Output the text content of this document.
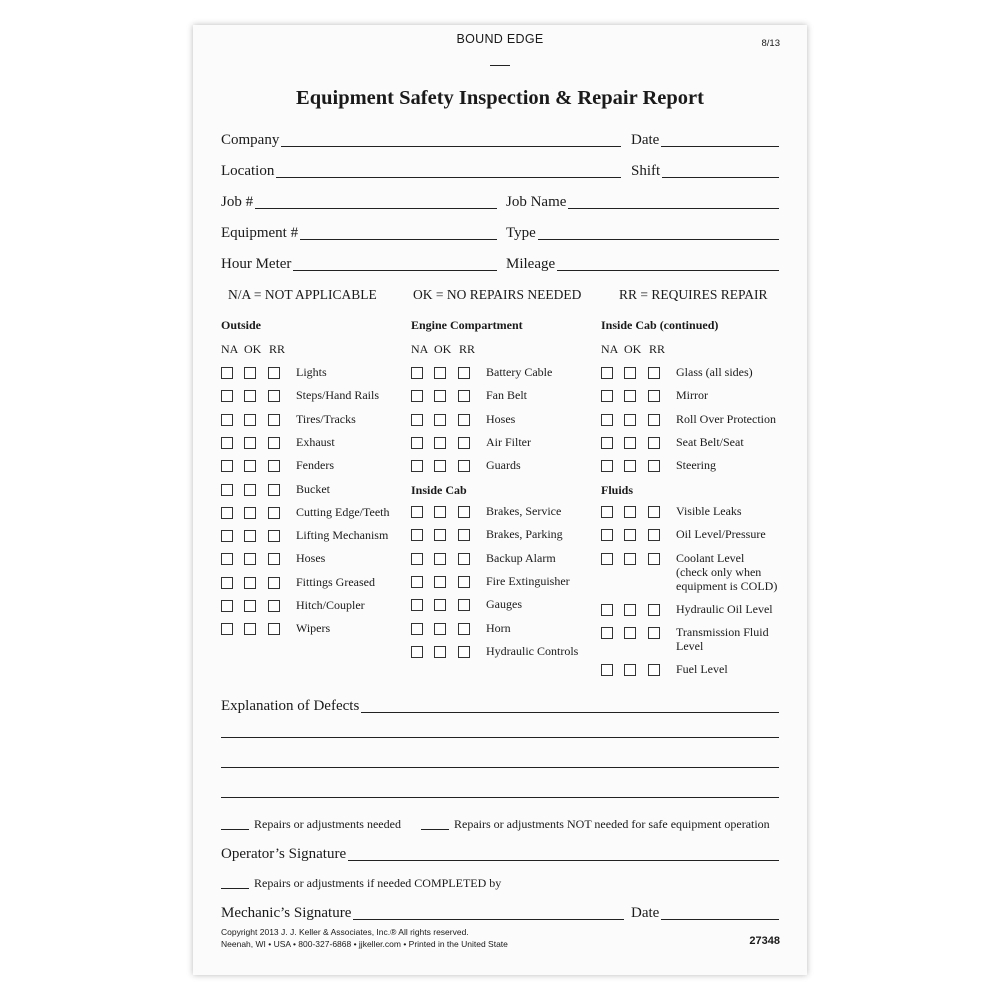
BOUND EDGE	8/13
Equipment Safety Inspection & Repair Report
Company	Date
Location	Shift
Job #	Job Name
Equipment #	Type
Hour Meter	Mileage
N/A = NOT APPLICABLE	OK = NO REPAIRS NEEDED	RR = REQUIRES REPAIR
Outside
NA OK RR
Lights
Steps/Hand Rails
Tires/Tracks
Exhaust
Fenders
Bucket
Cutting Edge/Teeth
Lifting Mechanism
Hoses
Fittings Greased
Hitch/Coupler
Wipers
Engine Compartment
NA OK RR
Battery Cable
Fan Belt
Hoses
Air Filter
Guards
Inside Cab
Brakes, Service
Brakes, Parking
Backup Alarm
Fire Extinguisher
Gauges
Horn
Hydraulic Controls
Inside Cab (continued)
NA OK RR
Glass (all sides)
Mirror
Roll Over Protection
Seat Belt/Seat
Steering
Fluids
Visible Leaks
Oil Level/Pressure
Coolant Level
(check only when
equipment is COLD)
Hydraulic Oil Level
Transmission Fluid
Level
Fuel Level
Explanation of Defects
Repairs or adjustments needed	Repairs or adjustments NOT needed for safe equipment operation
Operator’s Signature
Repairs or adjustments if needed COMPLETED by
Mechanic’s Signature	Date
Copyright 2013 J. J. Keller & Associates, Inc.® All rights reserved.
Neenah, WI • USA • 800-327-6868 • jjkeller.com • Printed in the United State	27348
